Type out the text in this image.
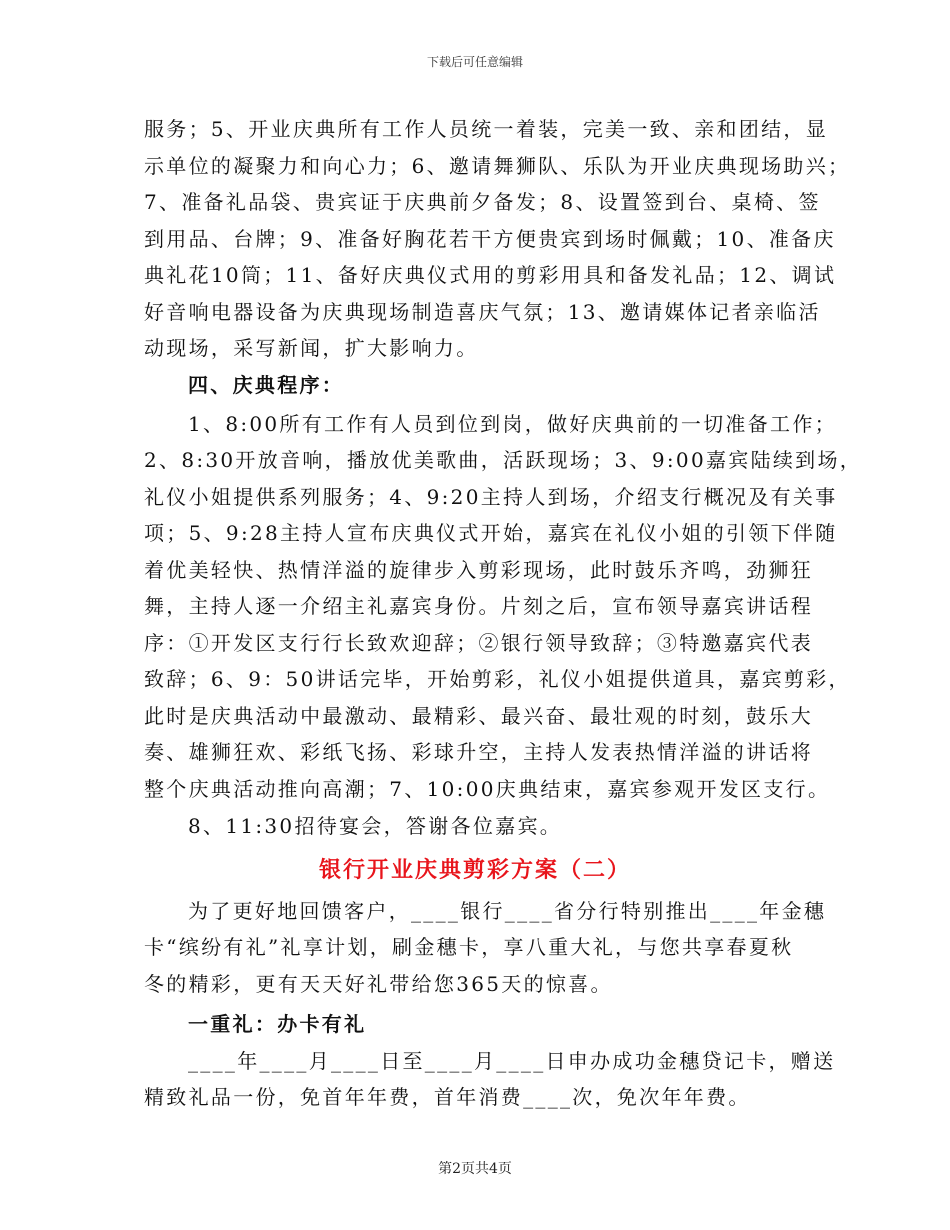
下载后可任意编辑
服务；5、开业庆典所有工作人员统一着装，完美一致、亲和团结，显
示单位的凝聚力和向心力；6、邀请舞狮队、乐队为开业庆典现场助兴；
7、准备礼品袋、贵宾证于庆典前夕备发；8、设置签到台、桌椅、签
到用品、台牌；9、准备好胸花若干方便贵宾到场时佩戴；10、准备庆
典礼花10筒；11、备好庆典仪式用的剪彩用具和备发礼品；12、调试
好音响电器设备为庆典现场制造喜庆气氛；13、邀请媒体记者亲临活
动现场，采写新闻，扩大影响力。
四、庆典程序：
1、8:00所有工作有人员到位到岗，做好庆典前的一切准备工作；
2、8:30开放音响，播放优美歌曲，活跃现场；3、9:00嘉宾陆续到场，
礼仪小姐提供系列服务；4、9:20主持人到场，介绍支行概况及有关事
项；5、9:28主持人宣布庆典仪式开始，嘉宾在礼仪小姐的引领下伴随
着优美轻快、热情洋溢的旋律步入剪彩现场，此时鼓乐齐鸣，劲狮狂
舞，主持人逐一介绍主礼嘉宾身份。片刻之后，宣布领导嘉宾讲话程
序：①开发区支行行长致欢迎辞；②银行领导致辞；③特邀嘉宾代表
致辞；6、9：50讲话完毕，开始剪彩，礼仪小姐提供道具，嘉宾剪彩，
此时是庆典活动中最激动、最精彩、最兴奋、最壮观的时刻，鼓乐大
奏、雄狮狂欢、彩纸飞扬、彩球升空，主持人发表热情洋溢的讲话将
整个庆典活动推向高潮；7、10:00庆典结束，嘉宾参观开发区支行。
8、11:30招待宴会，答谢各位嘉宾。
银行开业庆典剪彩方案（二）
为了更好地回馈客户，____银行____省分行特别推出____年金穗
卡“缤纷有礼”礼享计划，刷金穗卡，享八重大礼，与您共享春夏秋
冬的精彩，更有天天好礼带给您365天的惊喜。
一重礼：办卡有礼
____年____月____日至____月____日申办成功金穗贷记卡，赠送
精致礼品一份，免首年年费，首年消费____次，免次年年费。
第2页共4页
